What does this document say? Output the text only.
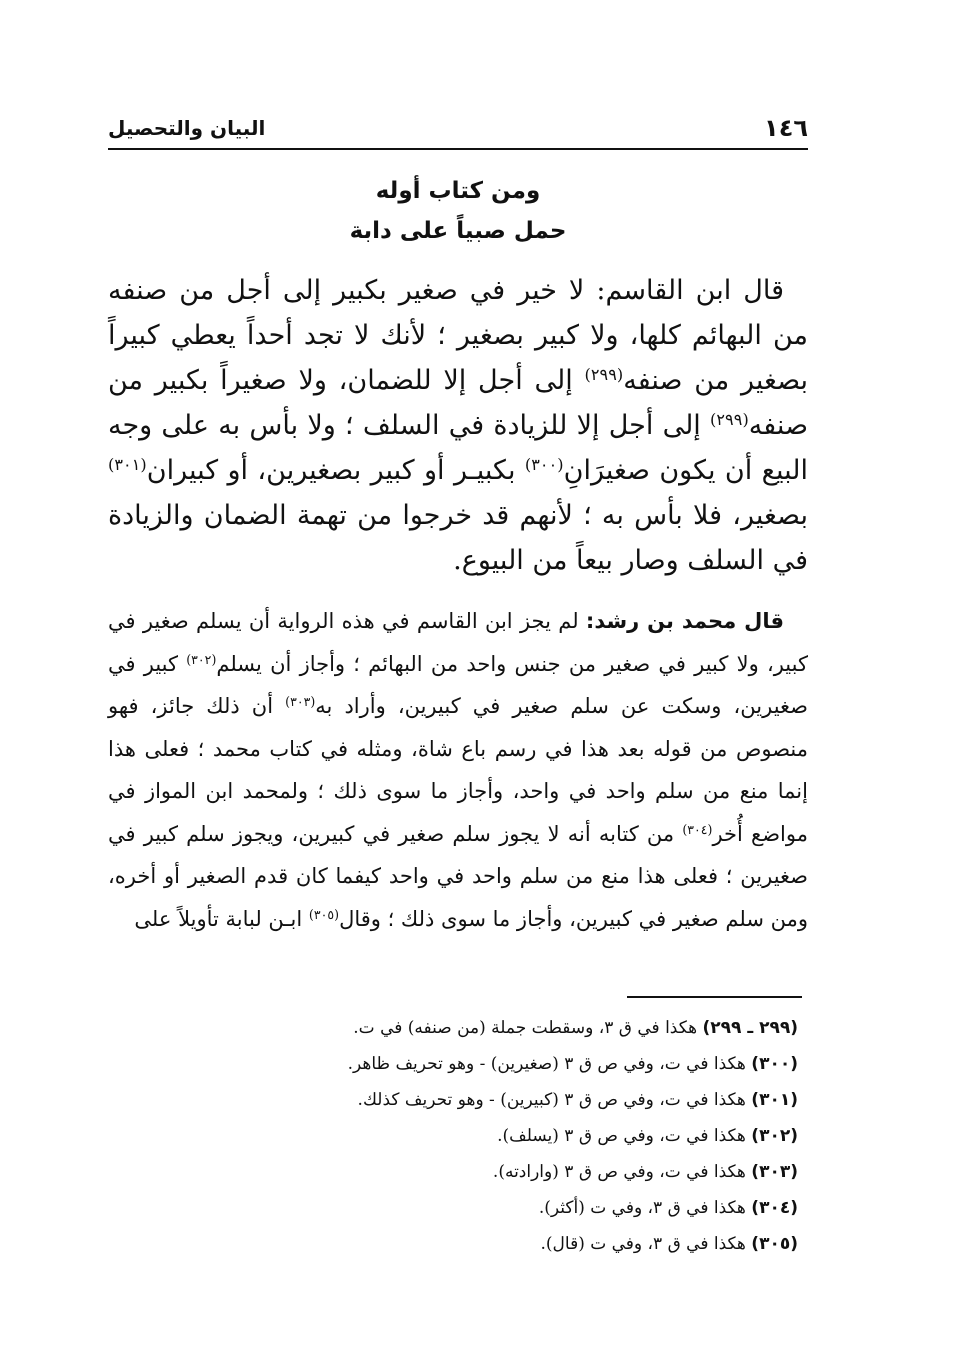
١٤٦
البيان والتحصيل
ومن كتاب أوله
حمل صبياً على دابة

قال ابن القاسم: لا خير في صغير بكبير إلى أجل من صنفه من البهائم كلها، ولا كبير بصغير ؛ لأنك لا تجد أحداً يعطي كبيراً بصغير من صنفه$^{(٢٩٩)}$ إلى أجل إلا للضمان، ولا صغيراً بكبير من صنفه$^{(٢٩٩)}$ إلى أجل إلا للزيادة في السلف ؛ ولا بأس به على وجه البيع أن يكون صغيرَانِ$^{(٣٠٠)}$ بكبيـر أو كبير بصغيرين، أو كبيران$^{(٣٠١)}$ بصغير، فلا بأس به ؛ لأنهم قد خرجوا من تهمة الضمان والزيادة في السلف وصار بيعاً من البيوع.

قال محمد بن رشد: لم يجز ابن القاسم في هذه الرواية أن يسلم صغير في كبير، ولا كبير في صغير من جنس واحد من البهائم ؛ وأجاز أن يسلم$^{(٣٠٢)}$ كبير في صغيرين، وسكت عن سلم صغير في كبيرين، وأراد به$^{(٣٠٣)}$ أن ذلك جائز، فهو منصوص من قوله بعد هذا في رسم باع شاة، ومثله في كتاب محمد ؛ فعلى هذا إنما منع من سلم واحد في واحد، وأجاز ما سوى ذلك ؛ ولمحمد ابن المواز في مواضع أُخر$^{(٣٠٤)}$ من كتابه أنه لا يجوز سلم صغير في كبيرين، ويجوز سلم كبير في صغيرين ؛ فعلى هذا منع من سلم واحد في واحد كيفما كان قدم الصغير أو أخره، ومن سلم صغير في كبيرين، وأجاز ما سوى ذلك ؛ وقال$^{(٣٠٥)}$ ابـن لبابة تأويلاً على

(٢٩٩ ـ ٢٩٩) هكذا في ق ٣، وسقطت جملة (من صنفه) في ت.
(٣٠٠) هكذا في ت، وفي ص ق ٣ (صغيرين) - وهو تحريف ظاهر.
(٣٠١) هكذا في ت، وفي ص ق ٣ (كبيرين) - وهو تحريف كذلك.
(٣٠٢) هكذا في ت، وفي ص ق ٣ (يسلف).
(٣٠٣) هكذا في ت، وفي ص ق ٣ (وارادته).
(٣٠٤) هكذا في ق ٣، وفي ت (أكثر).
(٣٠٥) هكذا في ق ٣، وفي ت (قال).
